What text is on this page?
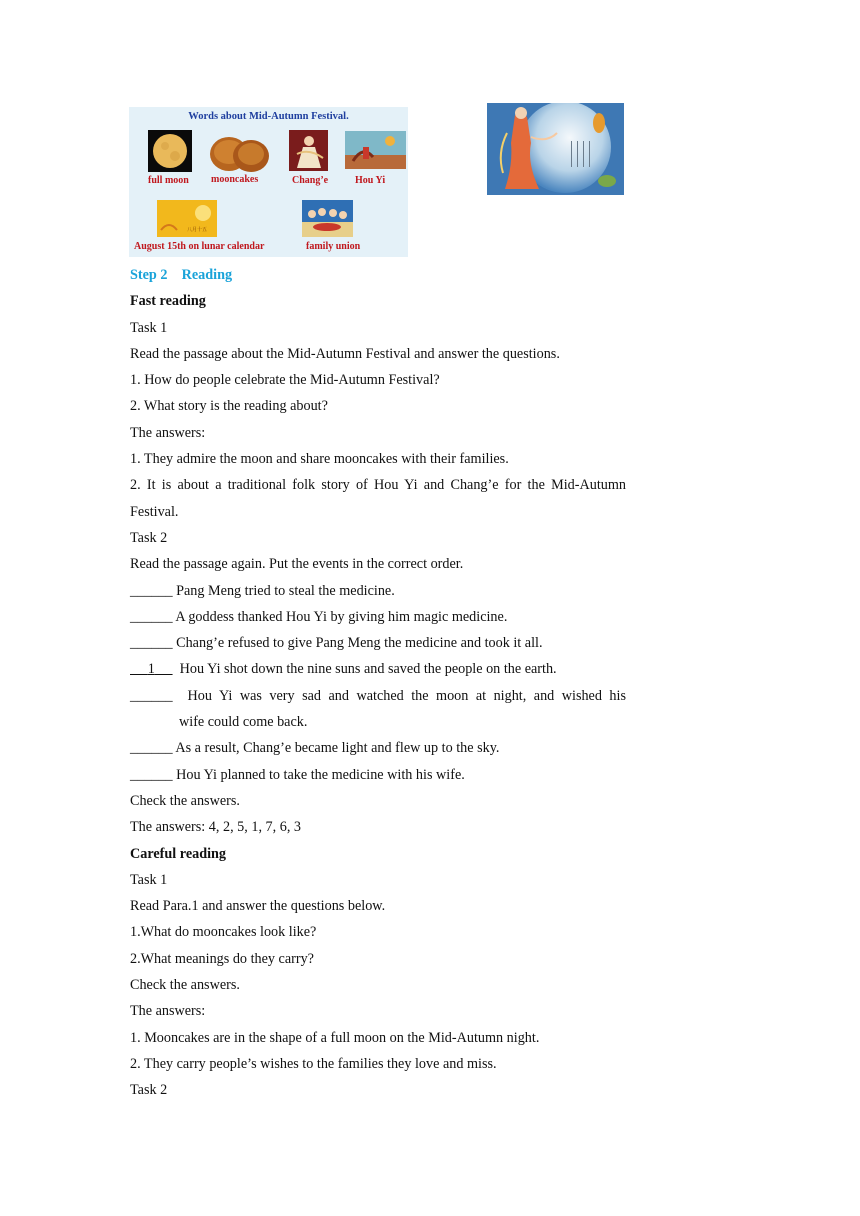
Words about Mid-Autumn Festival.
full moon mooncakes	Chang’e	Hou Yi
八月十五
August 15th on lunar calendar	family union
Step 2 Reading
Fast reading
Task 1
Read the passage about the Mid-Autumn Festival and answer the questions.
1. How do people celebrate the Mid-Autumn Festival?
2. What story is the reading about?
The answers:
1. They admire the moon and share mooncakes with their families.
2. It is about a traditional folk story of Hou Yi and Chang’e for the Mid-Autumn
Festival.
Task 2
Read the passage again. Put the events in the correct order.
______ Pang Meng tried to steal the medicine.
______ A goddess thanked Hou Yi by giving him magic medicine.
______ Chang’e refused to give Pang Meng the medicine and took it all.
1 Hou Yi shot down the nine suns and saved the people on the earth.
______ Hou Yi was very sad and watched the moon at night, and wished his
wife could come back.
______ As a result, Chang’e became light and flew up to the sky.
______ Hou Yi planned to take the medicine with his wife.
Check the answers.
The answers: 4, 2, 5, 1, 7, 6, 3
Careful reading
Task 1
Read Para.1 and answer the questions below.
1.What do mooncakes look like?
2.What meanings do they carry?
Check the answers.
The answers:
1. Mooncakes are in the shape of a full moon on the Mid-Autumn night.
2. They carry people’s wishes to the families they love and miss.
Task 2
